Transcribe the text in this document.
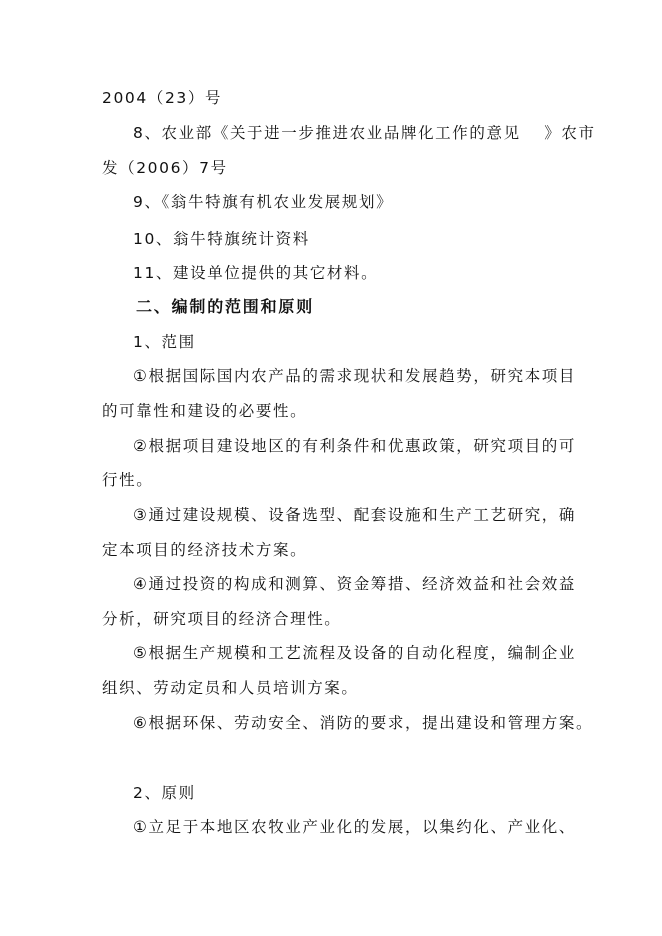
2004（23）号
8、农业部《关于进一步推进农业品牌化工作的意见　 》农市
发（2006）7号
9、《翁牛特旗有机农业发展规划》
10、翁牛特旗统计资料
11、建设单位提供的其它材料。
二、编制的范围和原则
1、范围
①根据国际国内农产品的需求现状和发展趋势，研究本项目
的可靠性和建设的必要性。
②根据项目建设地区的有利条件和优惠政策，研究项目的可
行性。
③通过建设规模、设备选型、配套设施和生产工艺研究，确
定本项目的经济技术方案。
④通过投资的构成和测算、资金筹措、经济效益和社会效益
分析，研究项目的经济合理性。
⑤根据生产规模和工艺流程及设备的自动化程度，编制企业
组织、劳动定员和人员培训方案。
⑥根据环保、劳动安全、消防的要求，提出建设和管理方案。
2、原则
①立足于本地区农牧业产业化的发展，以集约化、产业化、
